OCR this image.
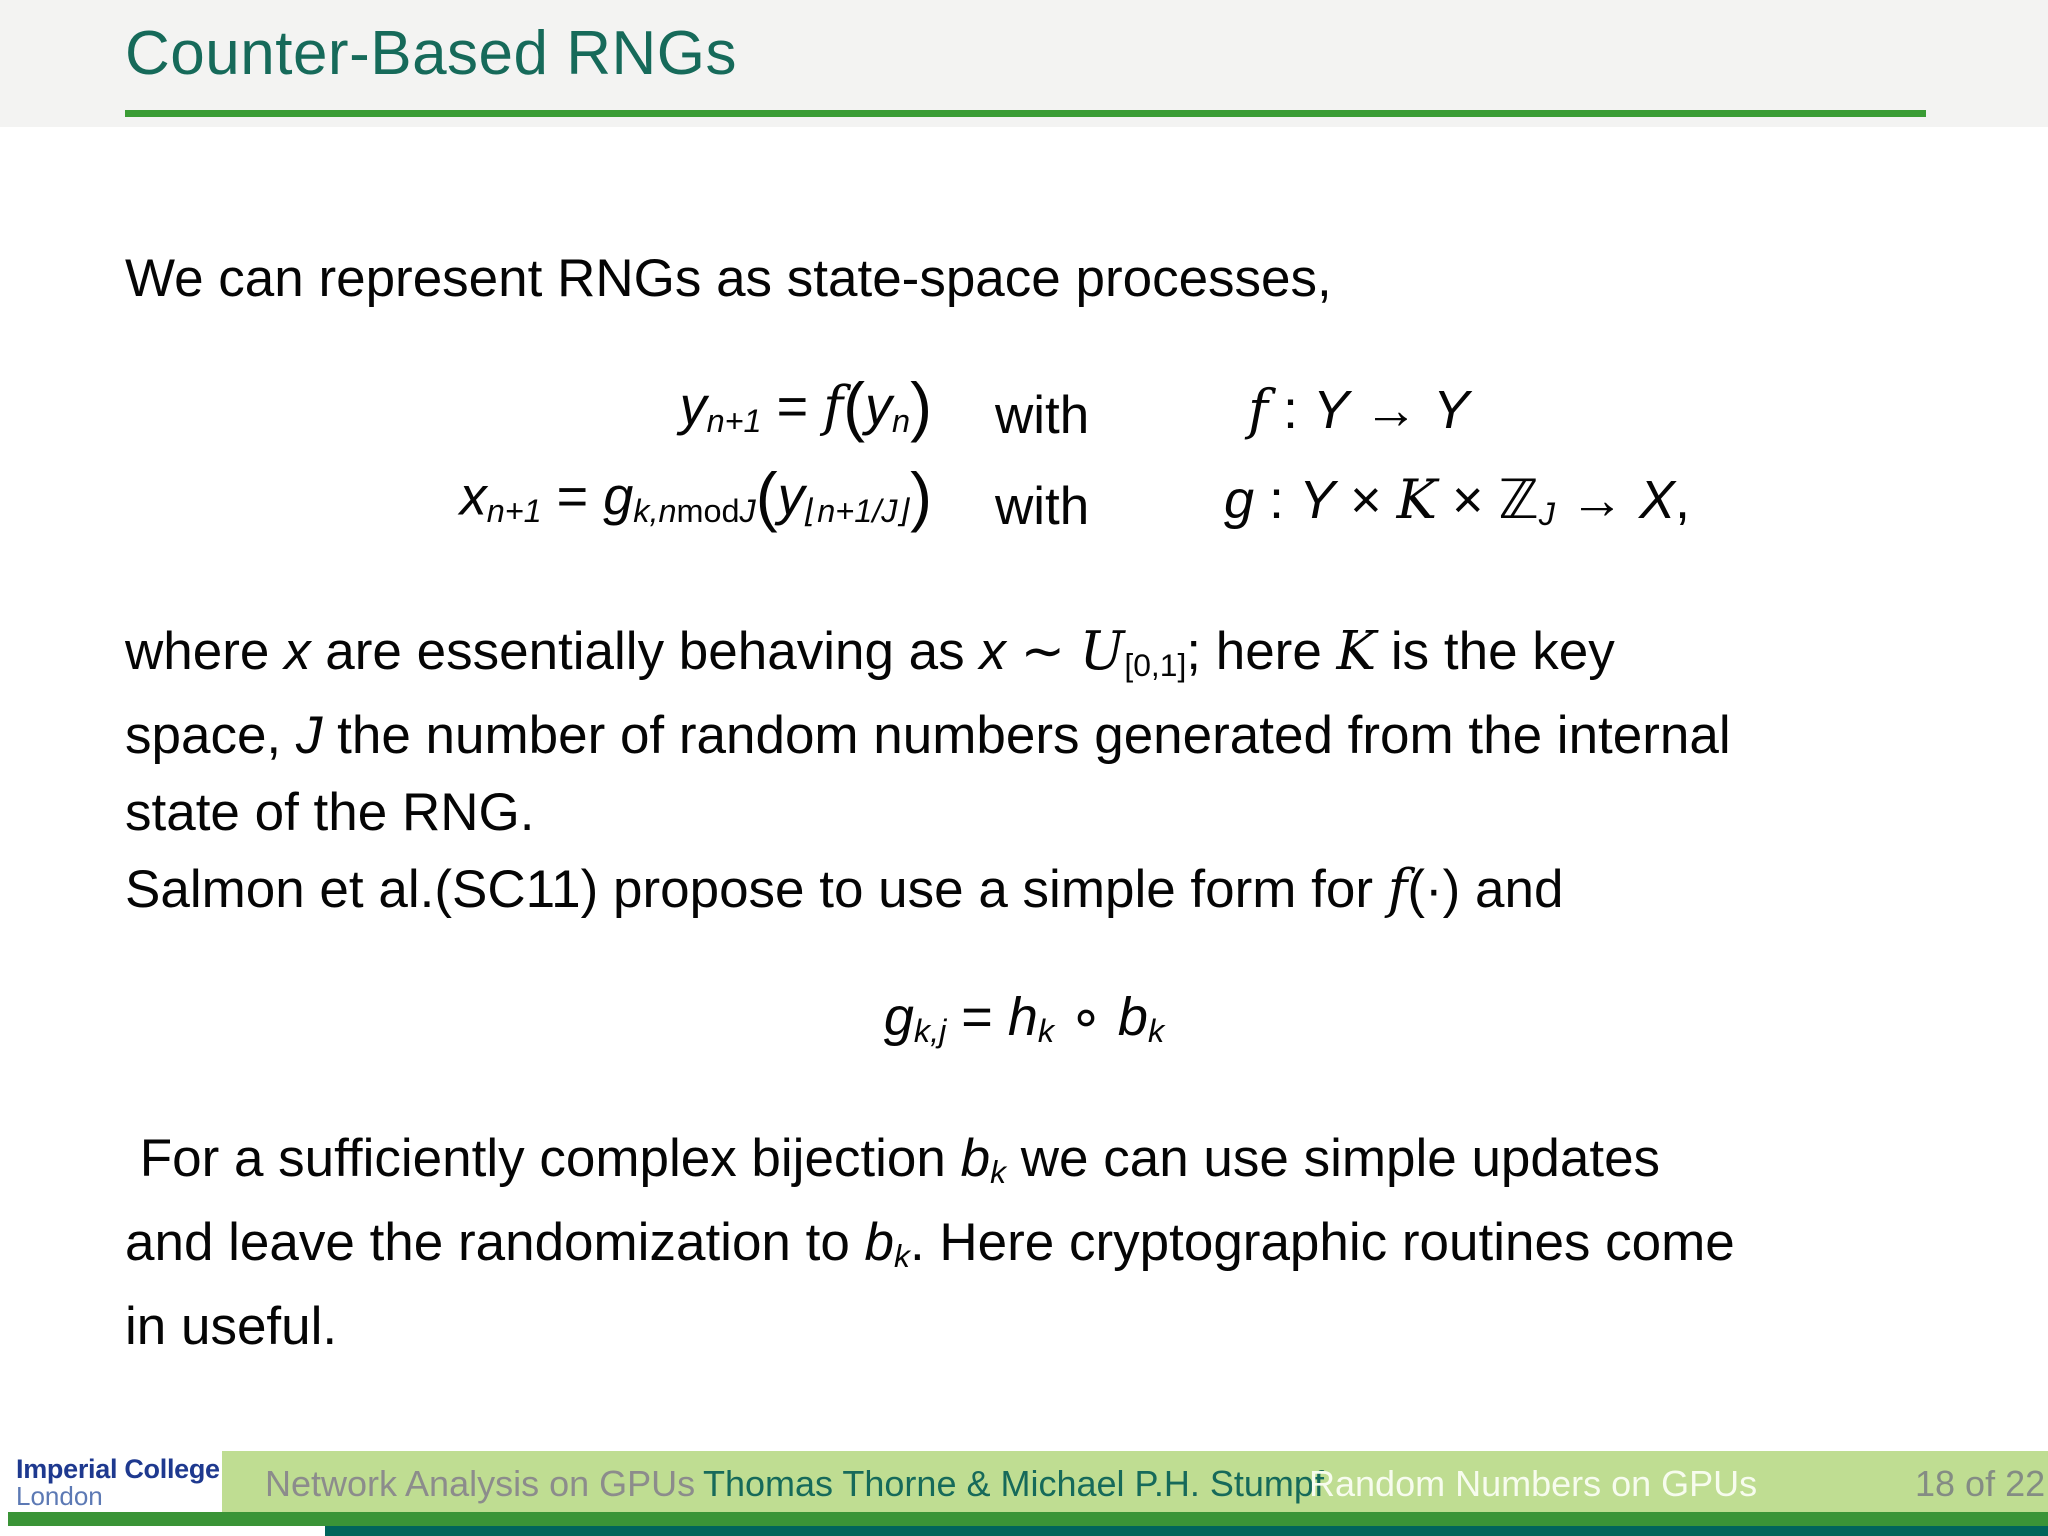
Counter-Based RNGs
We can represent RNGs as state-space processes,
yn+1 = f(yn) with	f : Y → Y
xn+1 = gk,nmodJ(y⌊n+1/J⌋) with g : Y × K × ℤJ → X,
where x are essentially behaving as x ∼ U[0,1]; here K is the key
space, J the number of random numbers generated from the internal
state of the RNG.
Salmon et al.(SC11) propose to use a simple form for f(·) and
gk,j = hk ∘ bk
For a sufficiently complex bijection bk we can use simple updates
and leave the randomization to bk. Here cryptographic routines come
in useful.
Imperial College
London	Network Analysis on GPUs Thomas Thorne & Michael P.H. Stumpf
Random Numbers on GPUs	18 of 22
